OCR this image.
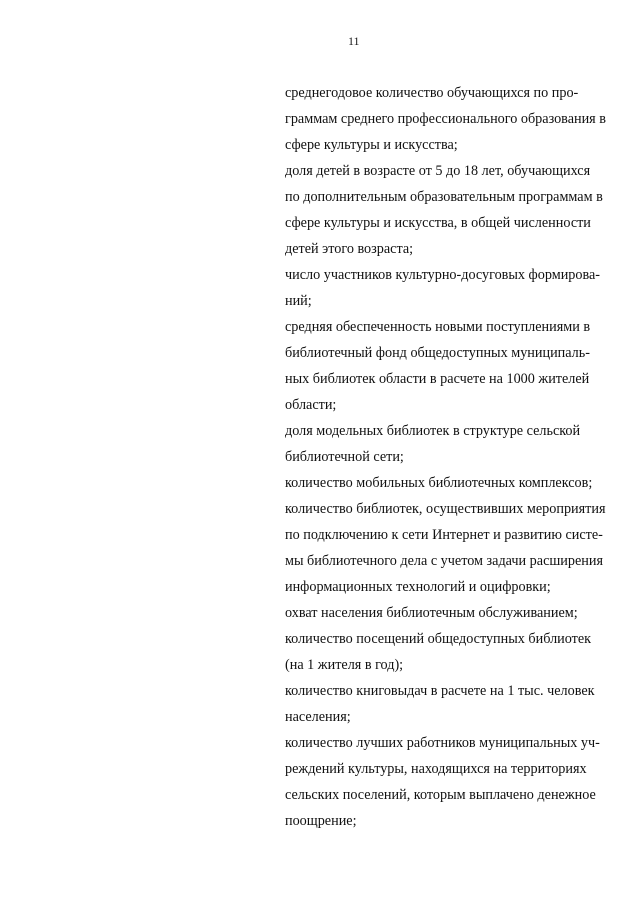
11
среднегодовое количество обучающихся по про-
граммам среднего профессионального образования в
сфере культуры и искусства;
доля детей в возрасте от 5 до 18 лет, обучающихся
по дополнительным образовательным программам в
сфере культуры и искусства, в общей численности
детей этого возраста;
число участников культурно-досуговых формирова-
ний;
средняя обеспеченность новыми поступлениями в
библиотечный фонд общедоступных муниципаль-
ных библиотек области в расчете на 1000 жителей
области;
доля модельных библиотек в структуре сельской
библиотечной сети;
количество мобильных библиотечных комплексов;
количество библиотек, осуществивших мероприятия
по подключению к сети Интернет и развитию систе-
мы библиотечного дела с учетом задачи расширения
информационных технологий и оцифровки;
охват населения библиотечным обслуживанием;
количество посещений общедоступных библиотек
(на 1 жителя в год);
количество книговыдач в расчете на 1 тыс. человек
населения;
количество лучших работников муниципальных уч-
реждений культуры, находящихся на территориях
сельских поселений, которым выплачено денежное
поощрение;
